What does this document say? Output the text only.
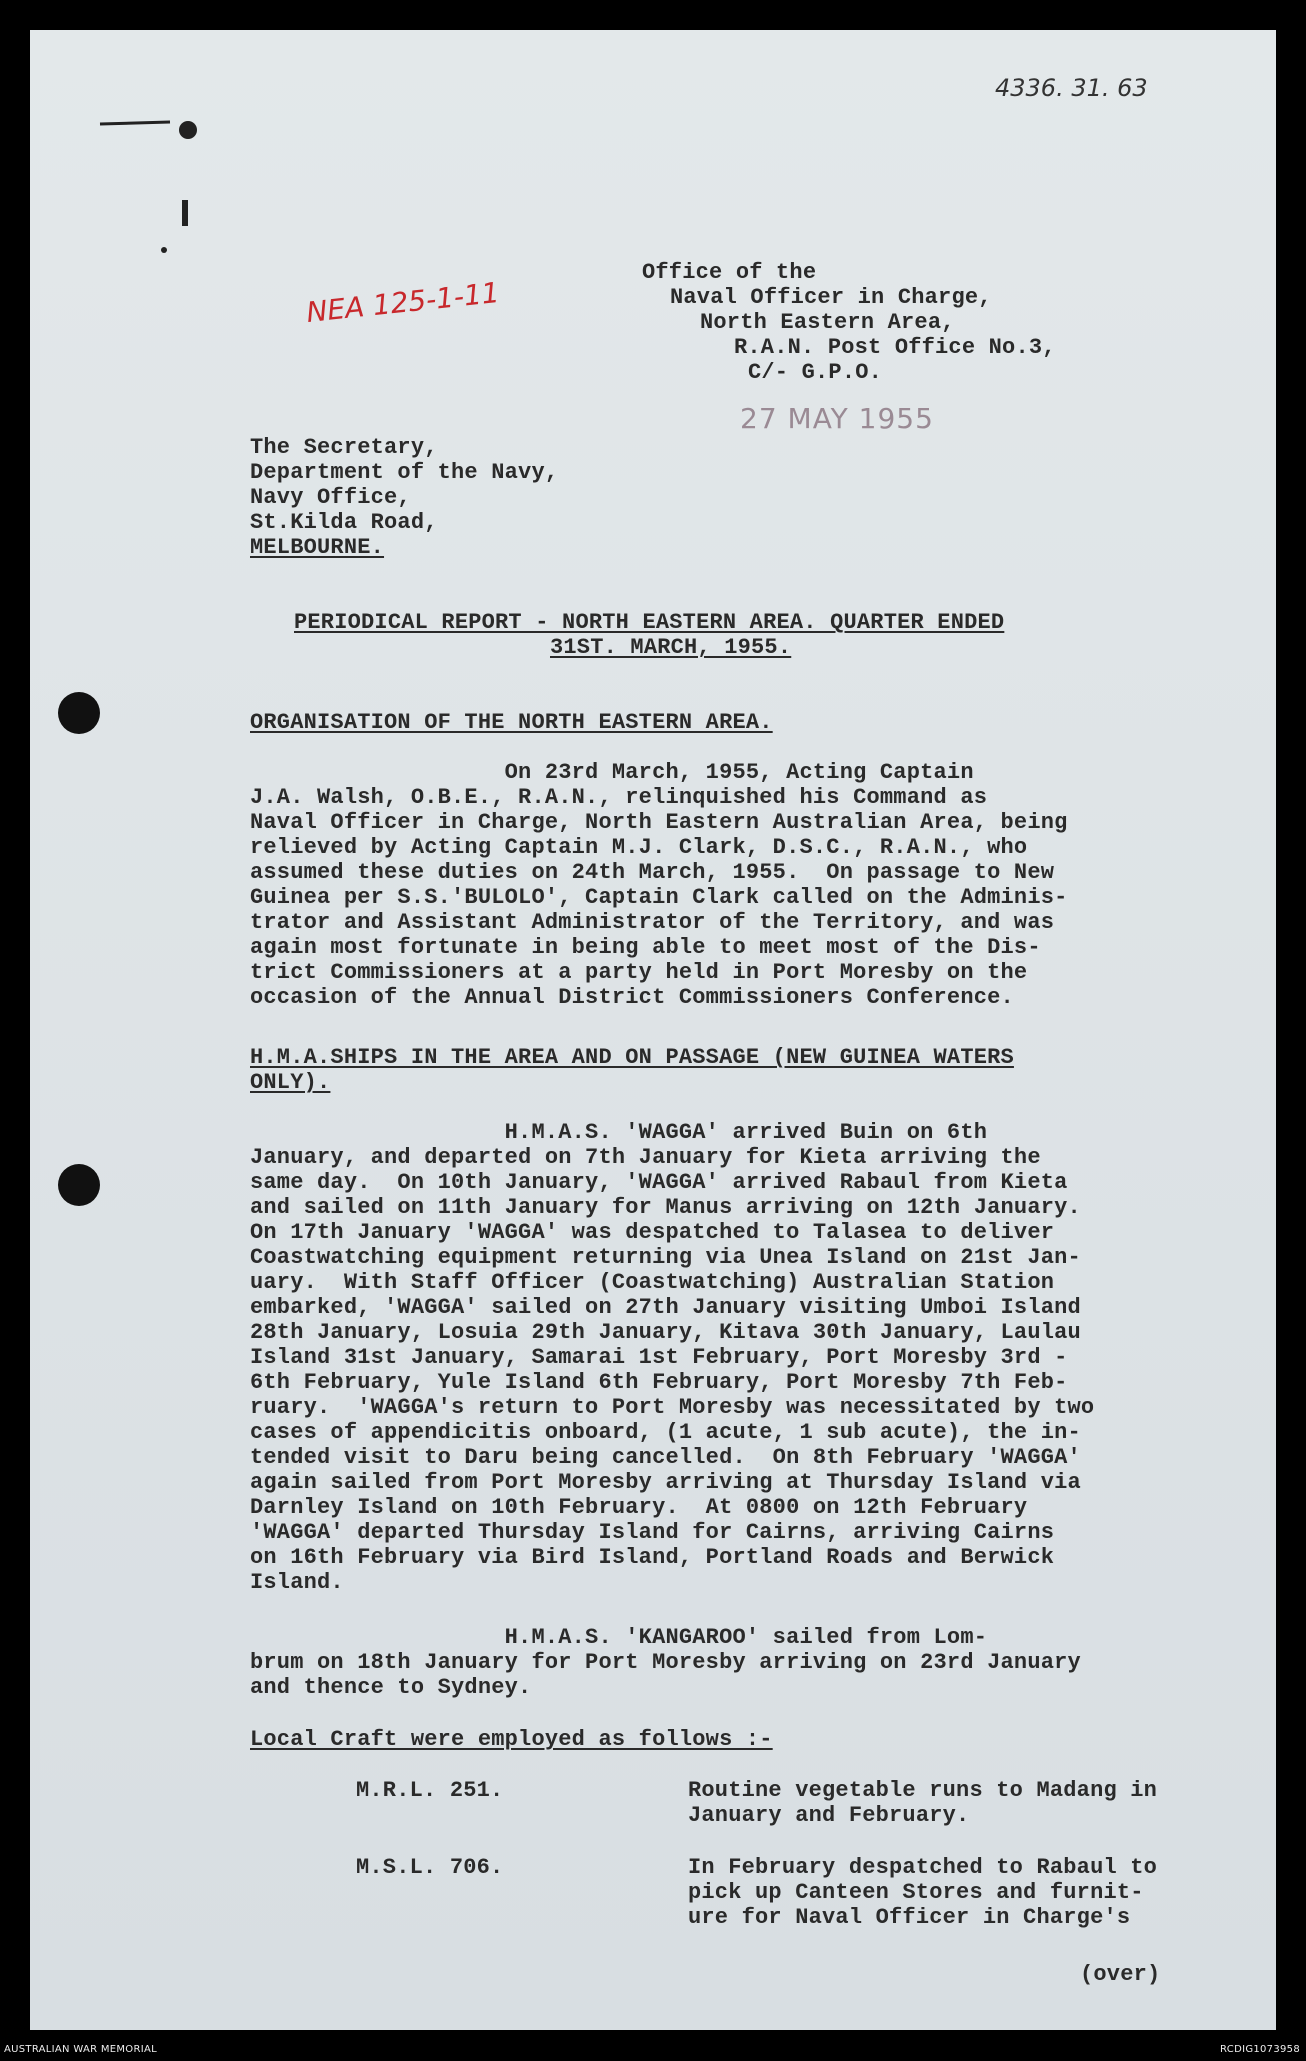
4336. 31. 63
NEA 125-1-11
Office of the
Naval Officer in Charge,
North Eastern Area,
R.A.N. Post Office No.3,
C/- G.P.O.
27 MAY 1955
The Secretary,
Department of the Navy,
Navy Office,
St.Kilda Road,
MELBOURNE.
PERIODICAL REPORT - NORTH EASTERN AREA. QUARTER ENDED
31ST. MARCH, 1955.
ORGANISATION OF THE NORTH EASTERN AREA.
On 23rd March, 1955, Acting Captain
J.A. Walsh, O.B.E., R.A.N., relinquished his Command as
Naval Officer in Charge, North Eastern Australian Area, being
relieved by Acting Captain M.J. Clark, D.S.C., R.A.N., who
assumed these duties on 24th March, 1955.  On passage to New
Guinea per S.S.'BULOLO', Captain Clark called on the Adminis-
trator and Assistant Administrator of the Territory, and was
again most fortunate in being able to meet most of the Dis-
trict Commissioners at a party held in Port Moresby on the
occasion of the Annual District Commissioners Conference.
H.M.A.SHIPS IN THE AREA AND ON PASSAGE (NEW GUINEA WATERS
ONLY).
H.M.A.S. 'WAGGA' arrived Buin on 6th
January, and departed on 7th January for Kieta arriving the
same day.  On 10th January, 'WAGGA' arrived Rabaul from Kieta
and sailed on 11th January for Manus arriving on 12th January.
On 17th January 'WAGGA' was despatched to Talasea to deliver
Coastwatching equipment returning via Unea Island on 21st Jan-
uary.  With Staff Officer (Coastwatching) Australian Station
embarked, 'WAGGA' sailed on 27th January visiting Umboi Island
28th January, Losuia 29th January, Kitava 30th January, Laulau
Island 31st January, Samarai 1st February, Port Moresby 3rd -
6th February, Yule Island 6th February, Port Moresby 7th Feb-
ruary.  'WAGGA's return to Port Moresby was necessitated by two
cases of appendicitis onboard, (1 acute, 1 sub acute), the in-
tended visit to Daru being cancelled.  On 8th February 'WAGGA'
again sailed from Port Moresby arriving at Thursday Island via
Darnley Island on 10th February.  At 0800 on 12th February
'WAGGA' departed Thursday Island for Cairns, arriving Cairns
on 16th February via Bird Island, Portland Roads and Berwick
Island.
H.M.A.S. 'KANGAROO' sailed from Lom-
brum on 18th January for Port Moresby arriving on 23rd January
and thence to Sydney.
Local Craft were employed as follows :-
M.R.L. 251.	Routine vegetable runs to Madang in
January and February.
M.S.L. 706.	In February despatched to Rabaul to
pick up Canteen Stores and furnit-
ure for Naval Officer in Charge's
(over)
AUSTRALIAN WAR MEMORIAL	RCDIG1073958
